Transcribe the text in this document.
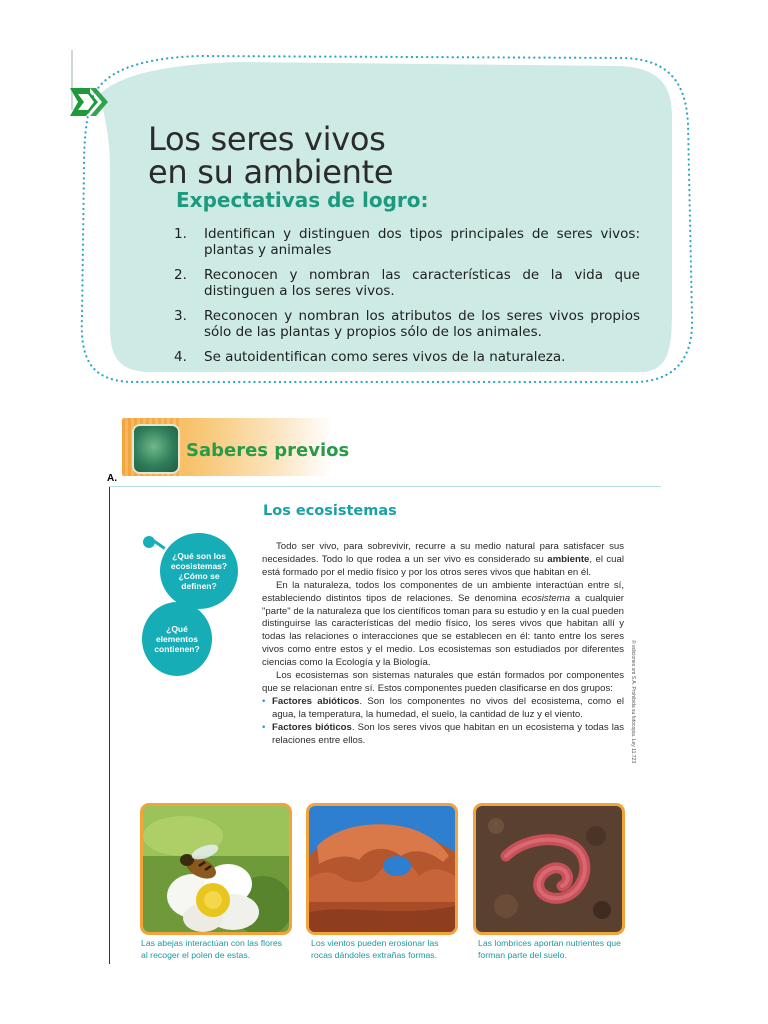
Los seres vivos
en su ambiente
Expectativas de logro:
1.	Identifican y distinguen dos tipos principales de seres vivos: plantas y animales
2.	Reconocen y nombran las características de la vida que distinguen a los seres vivos.
3.	Reconocen y nombran los atributos de los seres vivos propios sólo de las plantas y propios sólo de los animales.
4.	Se autoidentifican como seres vivos de la naturaleza.
Saberes previos
A.
Los ecosistemas
¿Qué son los ecosistemas? ¿Cómo se definen?
¿Qué elementos contienen?

Todo ser vivo, para sobrevivir, recurre a su medio natural para satisfacer sus necesidades. Todo lo que rodea a un ser vivo es considerado su ambiente, el cual está formado por el medio físico y por los otros seres vivos que habitan en él.

En la naturaleza, todos los componentes de un ambiente interactúan entre sí, estableciendo distintos tipos de relaciones. Se denomina ecosistema a cualquier "parte" de la naturaleza que los científicos toman para su estudio y en la cual pueden distinguirse las características del medio físico, los seres vivos que habitan allí y todas las relaciones o interacciones que se establecen en él: tanto entre los seres vivos como entre estos y el medio. Los ecosistemas son estudiados por diferentes ciencias como la Ecología y la Biología.

Los ecosistemas son sistemas naturales que están formados por componentes que se relacionan entre sí. Estos componentes pueden clasificarse en dos grupos:

• Factores abióticos. Son los componentes no vivos del ecosistema, como el agua, la temperatura, la humedad, el suelo, la cantidad de luz y el viento.
• Factores bióticos. Son los seres vivos que habitan en un ecosistema y todas las relaciones entre ellos.	© ediciones sm S.A. Prohibida su fotocopia. Ley 11.723
Las abejas interactúan con las flores al recoger el polen de estas.
Los vientos pueden erosionar las rocas dándoles extrañas formas.
Las lombrices aportan nutrientes que forman parte del suelo.
